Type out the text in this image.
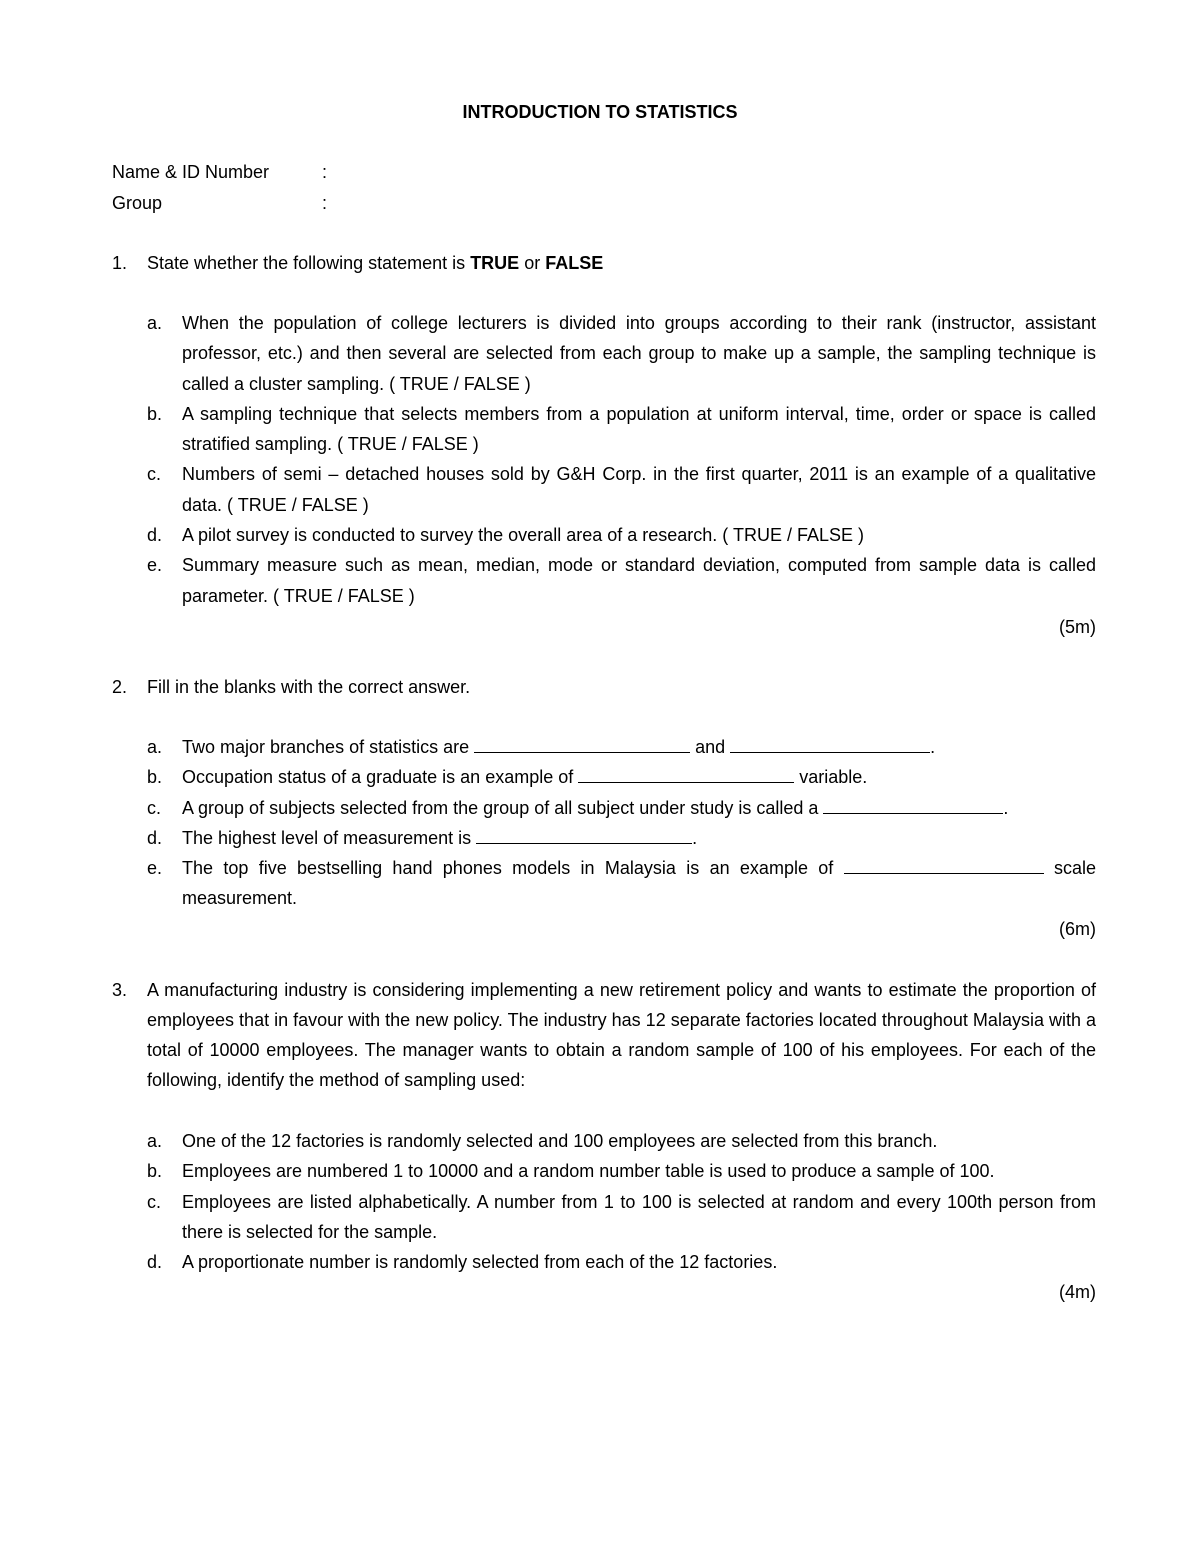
INTRODUCTION TO STATISTICS
Name & ID Number	:
Group	:
1. State whether the following statement is TRUE or FALSE
a. When the population of college lecturers is divided into groups according to their rank (instructor, assistant professor, etc.) and then several are selected from each group to make up a sample, the sampling technique is called a cluster sampling. ( TRUE / FALSE )
b. A sampling technique that selects members from a population at uniform interval, time, order or space is called stratified sampling. ( TRUE / FALSE )
c. Numbers of semi – detached houses sold by G&H Corp. in the first quarter, 2011 is an example of a qualitative data. ( TRUE / FALSE )
d. A pilot survey is conducted to survey the overall area of a research. ( TRUE / FALSE )
e. Summary measure such as mean, median, mode or standard deviation, computed from sample data is called parameter. ( TRUE / FALSE )
(5m)
2. Fill in the blanks with the correct answer.
a. Two major branches of statistics are	and	.
b. Occupation status of a graduate is an example of	variable.
c. A group of subjects selected from the group of all subject under study is called a	.
d. The highest level of measurement is	.
e. The top five bestselling hand phones models in Malaysia is an example of	scale measurement.
(6m)
3. A manufacturing industry is considering implementing a new retirement policy and wants to estimate the proportion of employees that in favour with the new policy. The industry has 12 separate factories located throughout Malaysia with a total of 10000 employees. The manager wants to obtain a random sample of 100 of his employees. For each of the following, identify the method of sampling used:
a. One of the 12 factories is randomly selected and 100 employees are selected from this branch.
b. Employees are numbered 1 to 10000 and a random number table is used to produce a sample of 100.
c. Employees are listed alphabetically. A number from 1 to 100 is selected at random and every 100th person from there is selected for the sample.
d. A proportionate number is randomly selected from each of the 12 factories.
(4m)
